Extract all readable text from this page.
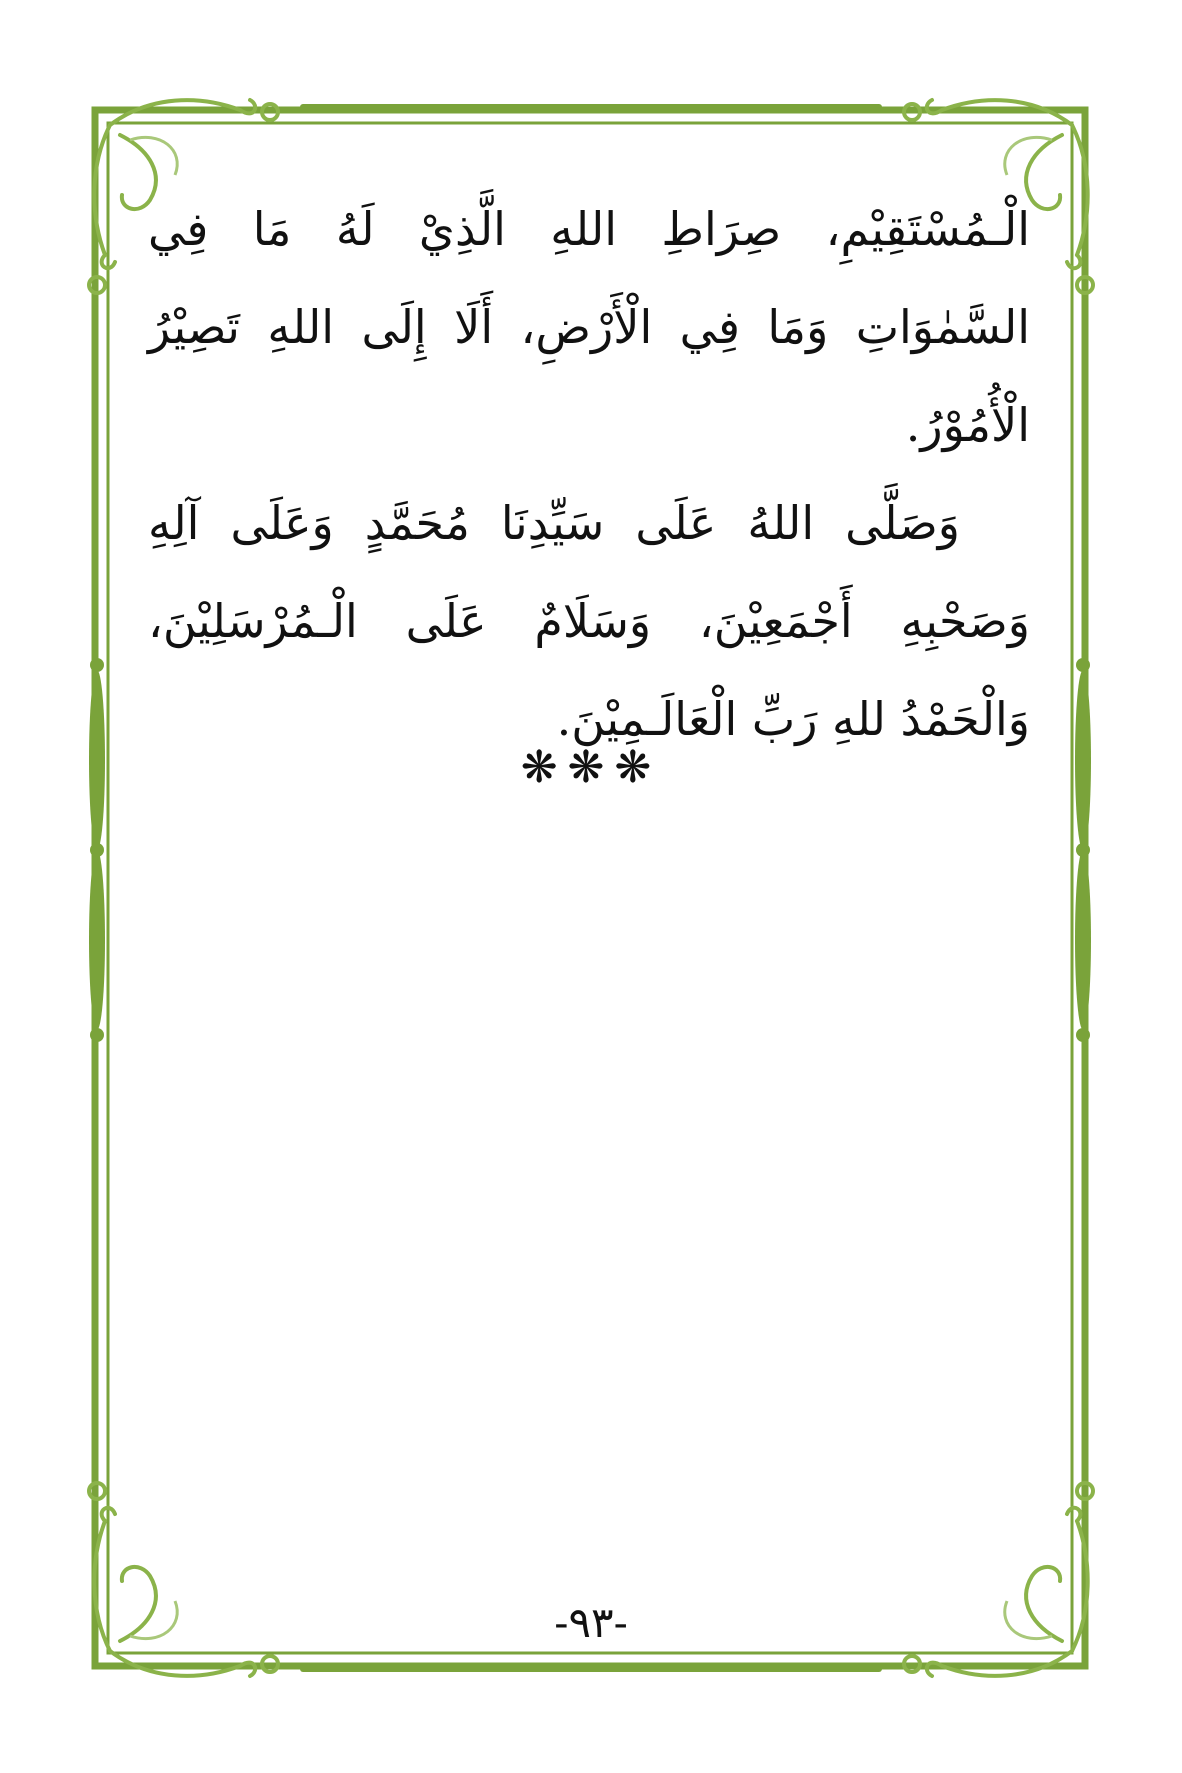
الْـمُسْتَقِيْمِ، صِرَاطِ اللهِ الَّذِيْ لَهُ مَا فِي السَّمٰوَاتِ وَمَا فِي الْأَرْضِ، أَلَا إِلَى اللهِ تَصِيْرُ الْأُمُوْرُ.

وَصَلَّى اللهُ عَلَى سَيِّدِنَا مُحَمَّدٍ وَعَلَى آلِهِ وَصَحْبِهِ أَجْمَعِيْنَ، وَسَلَامٌ عَلَى الْـمُرْسَلِيْنَ، وَالْحَمْدُ للهِ رَبِّ الْعَالَـمِيْنَ.

❋❋❋
-٩٣-
